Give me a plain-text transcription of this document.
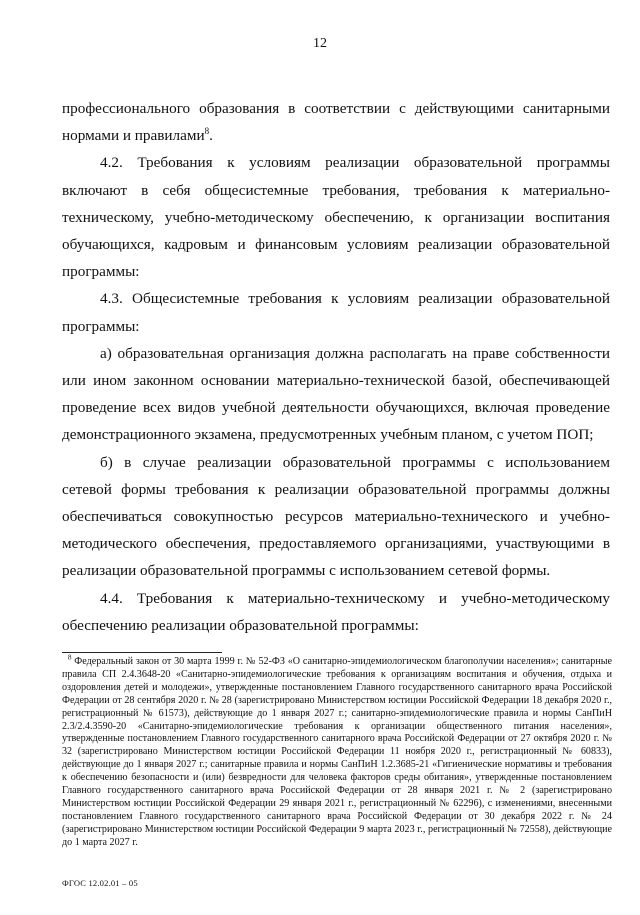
12

профессионального образования в соответствии с действующими санитарными нормами и правилами$^8$.

4.2. Требования к условиям реализации образовательной программы включают в себя общесистемные требования, требования к материально-техническому, учебно-методическому обеспечению, к организации воспитания обучающихся, кадровым и финансовым условиям реализации образовательной программы:

4.3. Общесистемные требования к условиям реализации образовательной программы:

а) образовательная организация должна располагать на праве собственности или ином законном основании материально-технической базой, обеспечивающей проведение всех видов учебной деятельности обучающихся, включая проведение демонстрационного экзамена, предусмотренных учебным планом, с учетом ПОП;

б) в случае реализации образовательной программы с использованием сетевой формы требования к реализации образовательной программы должны обеспечиваться совокупностью ресурсов материально-технического и учебно-методического обеспечения, предоставляемого организациями, участвующими в реализации образовательной программы с использованием сетевой формы.

4.4. Требования к материально-техническому и учебно-методическому обеспечению реализации образовательной программы:

$^8$ Федеральный закон от 30 марта 1999 г. № 52-ФЗ «О санитарно-эпидемиологическом благополучии населения»; санитарные правила СП 2.4.3648-20 «Санитарно-эпидемиологические требования к организациям воспитания и обучения, отдыха и оздоровления детей и молодежи», утвержденные постановлением Главного государственного санитарного врача Российской Федерации от 28 сентября 2020 г. № 28 (зарегистрировано Министерством юстиции Российской Федерации 18 декабря 2020 г., регистрационный № 61573), действующие до 1 января 2027 г.; санитарно-эпидемиологические правила и нормы СанПиН 2.3/2.4.3590-20 «Санитарно-эпидемиологические требования к организации общественного питания населения», утвержденные постановлением Главного государственного санитарного врача Российской Федерации от 27 октября 2020 г. № 32 (зарегистрировано Министерством юстиции Российской Федерации 11 ноября 2020 г., регистрационный № 60833), действующие до 1 января 2027 г.; санитарные правила и нормы СанПиН 1.2.3685-21 «Гигиенические нормативы и требования к обеспечению безопасности и (или) безвредности для человека факторов среды обитания», утвержденные постановлением Главного государственного санитарного врача Российской Федерации от 28 января 2021 г. № 2 (зарегистрировано Министерством юстиции Российской Федерации 29 января 2021 г., регистрационный № 62296), с изменениями, внесенными постановлением Главного государственного санитарного врача Российской Федерации от 30 декабря 2022 г. № 24 (зарегистрировано Министерством юстиции Российской Федерации 9 марта 2023 г., регистрационный № 72558), действующие до 1 марта 2027 г.
ФГОС 12.02.01 – 05
